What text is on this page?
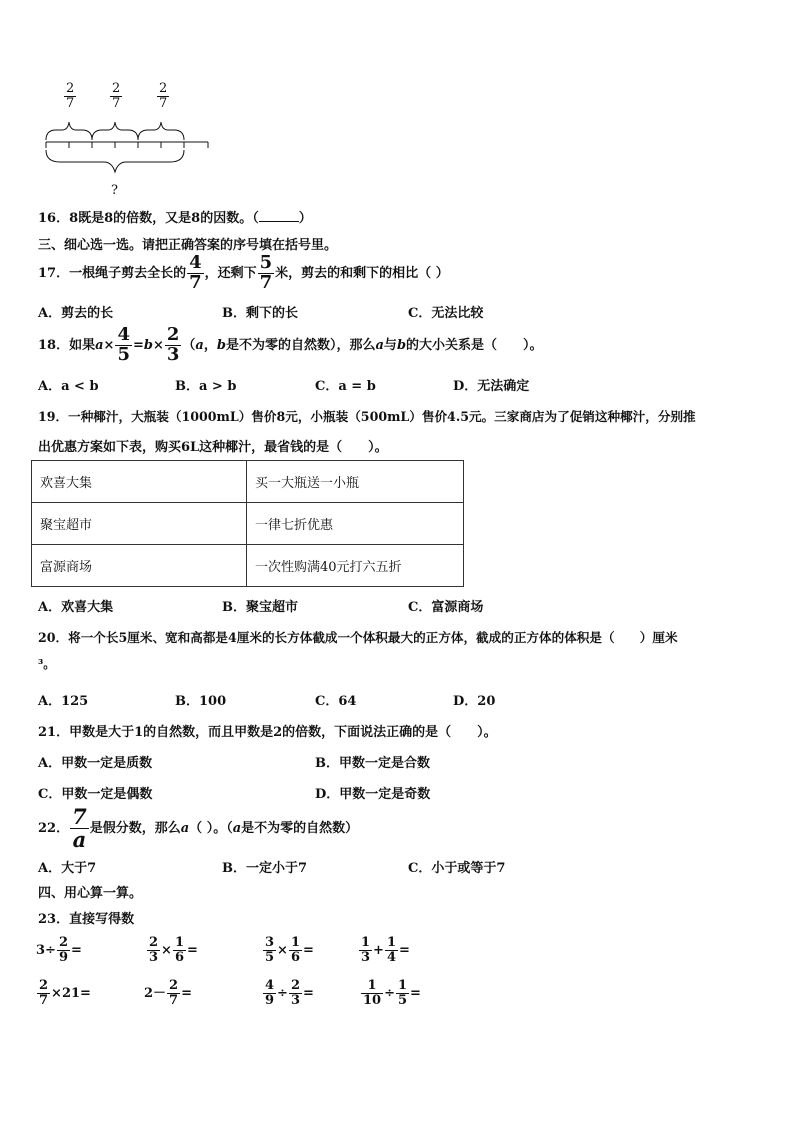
$\frac{2}{7}$	$\frac{2}{7}$	$\frac{2}{7}$
?
16．8既是8的倍数，又是8的因数。（	）
三、细心选一选。请把正确答案的序号填在括号里。
17．一根绳子剪去全长的 $\frac{4}{7}$ ，还剩下 $\frac{5}{7}$ 米，剪去的和剩下的相比（ ）
A．剪去的长	B．剩下的长	C．无法比较
18．如果$a\times \frac{4}{5} =b\times \frac{2}{3} (a$，b是不为零的自然数），那么a与b的大小关系是（　　）。
A．a < b	B．a > b	C．a = b	D．无法确定
19．一种椰汁，大瓶装（1000mL）售价8元，小瓶装（500mL）售价4.5元。三家商店为了促销这种椰汁，分别推
出优惠方案如下表，购买6L这种椰汁，最省钱的是（　　）。
欢喜大集	买一大瓶送一小瓶
聚宝超市	一律七折优惠
富源商场	一次性购满40元打六五折
A．欢喜大集	B．聚宝超市	C．富源商场
20．将一个长5厘米、宽和高都是4厘米的长方体截成一个体积最大的正方体，截成的正方体的体积是（　　）厘米
³。
A．125	B．100	C．64	D．20
21．甲数是大于1的自然数，而且甲数是2的倍数，下面说法正确的是（　　）。
A．甲数一定是质数	B．甲数一定是合数
C．甲数一定是偶数	D．甲数一定是奇数
22． $\frac{7}{a}$ 是假分数，那么a（ ）。（a是不为零的自然数）
A．大于7	B．一定小于7	C．小于或等于7
四、用心算一算。
23．直接写得数
$3\div \frac{2}{9}$ =	$\frac{2}{3} \times \frac{1}{6}$ =	$\frac{3}{5} \times \frac{1}{6}$ =	$\frac{1}{3} + \frac{1}{4}$ =
$\frac{2}{7} \times 21=$	$2- \frac{2}{7}$ =	$\frac{4}{9} \div \frac{2}{3}$ =	$\frac{1}{10} \div \frac{1}{5}$ =
